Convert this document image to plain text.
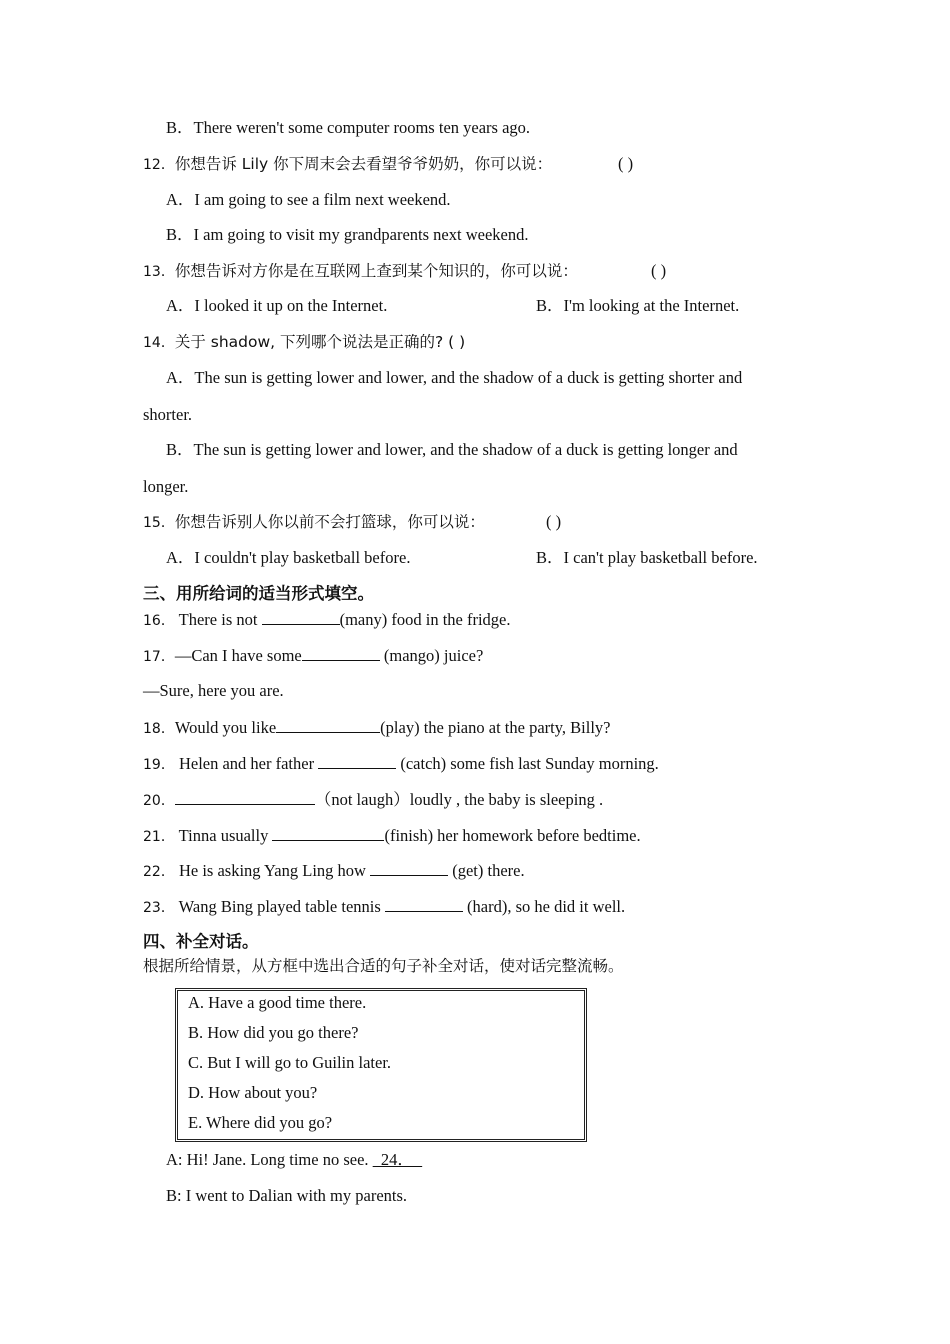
B．There weren't some computer rooms ten years ago.
12．你想告诉 Lily 你下周末会去看望爷爷奶奶，你可以说：	( )
A．I am going to see a film next weekend.
B．I am going to visit my grandparents next weekend.
13．你想告诉对方你是在互联网上查到某个知识的，你可以说：	( )
A．I looked it up on the Internet.	B．I'm looking at the Internet.
14．关于 shadow, 下列哪个说法是正确的? ( )
A．The sun is getting lower and lower, and the shadow of a duck is getting shorter and
shorter.
B．The sun is getting lower and lower, and the shadow of a duck is getting longer and
longer.
15．你想告诉别人你以前不会打篮球，你可以说：	( )
A．I couldn't play basketball before.	B．I can't play basketball before.
三、用所给词的适当形式填空。
16． There is not	(many) food in the fridge.
17．—Can I have some	(mango) juice?
—Sure, here you are.
18．Would you like	(play) the piano at the party, Billy?
19． Helen and her father	(catch) some fish last Sunday morning.
20．	（not laugh）loudly , the baby is sleeping .
21． Tinna usually	(finish) her homework before bedtime.
22． He is asking Yang Ling how	(get) there.
23． Wang Bing played table tennis	(hard), so he did it well.
四、补全对话。
根据所给情景，从方框中选出合适的句子补全对话，使对话完整流畅。
A. Have a good time there.
B. How did you go there?
C. But I will go to Guilin later.
D. How about you?
E. Where did you go?
A: Hi! Jane. Long time no see.   24．
B: I went to Dalian with my parents.
